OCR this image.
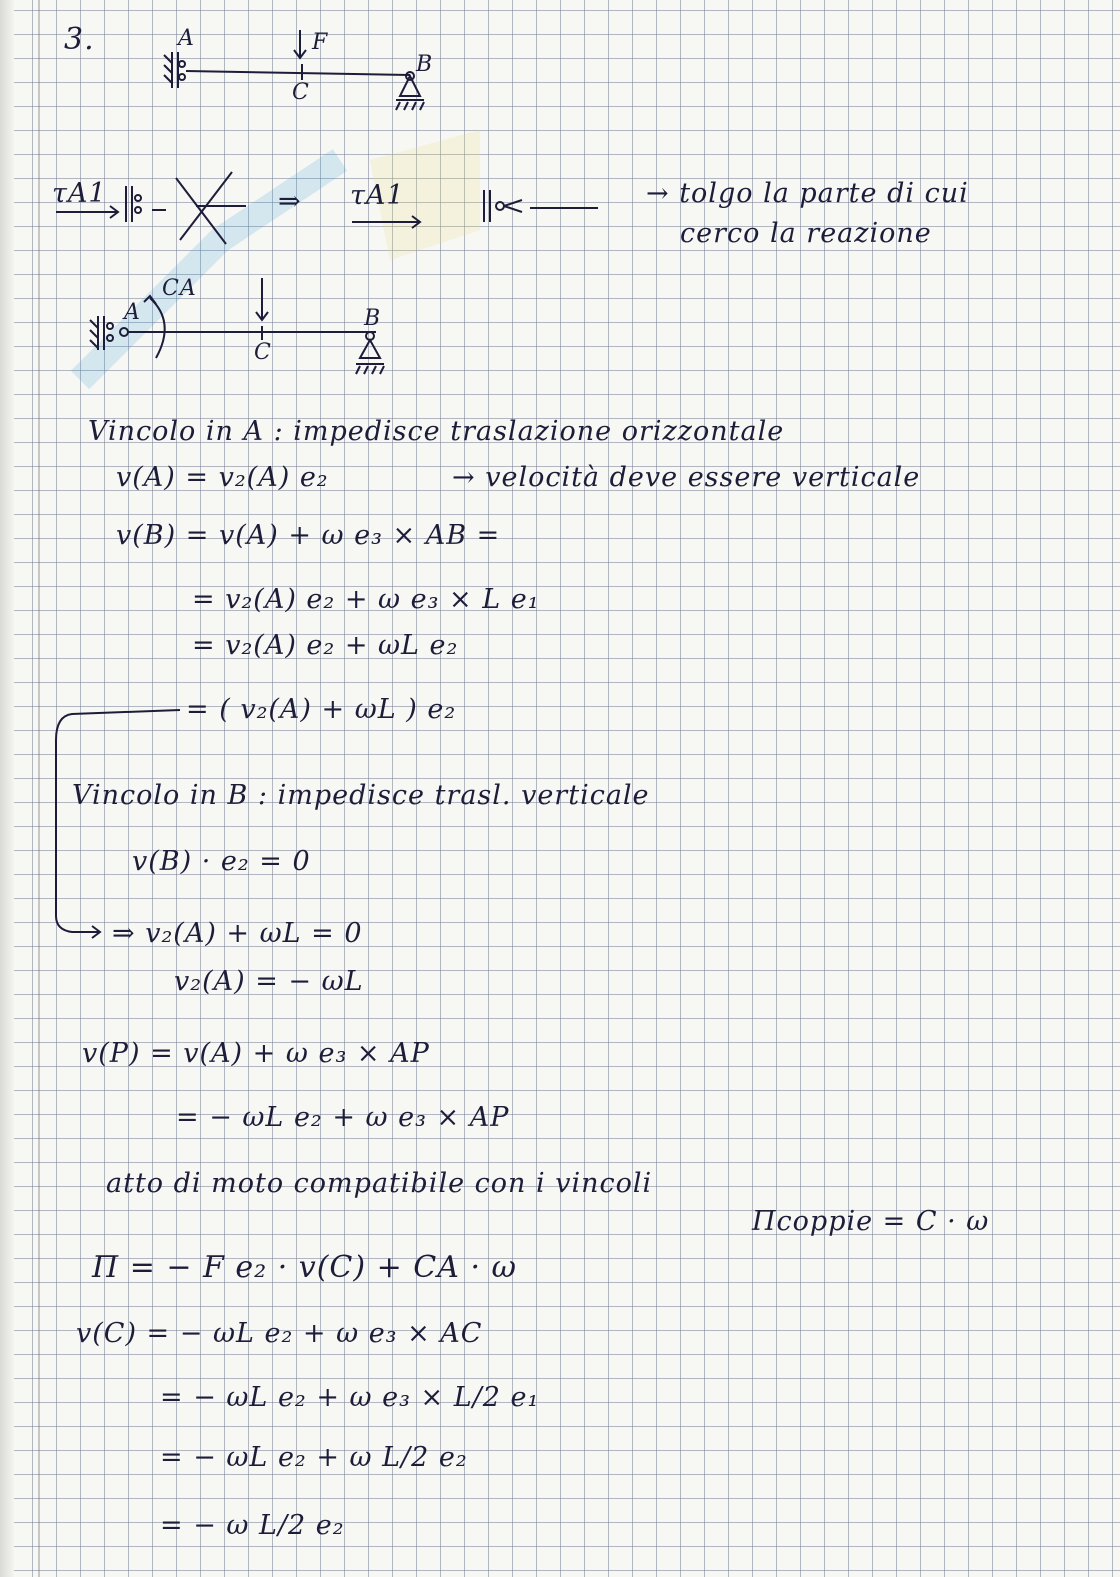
3.	A	F
C
B
τA1	⇒ τA1	→ tolgo la parte di cui
cerco la reazione
A
CA
C
B
Vincolo in A : impedisce traslazione orizzontale
v(A) = v₂(A) e₂	→ velocità deve essere verticale
v(B) = v(A) + ω e₃ × AB =
= v₂(A) e₂ + ω e₃ × L e₁
= v₂(A) e₂ + ωL e₂
= ( v₂(A) + ωL ) e₂
Vincolo in B : impedisce trasl. verticale
v(B) · e₂ = 0
⇒ v₂(A) + ωL = 0
v₂(A) = − ωL
v(P) = v(A) + ω e₃ × AP
= − ωL e₂ + ω e₃ × AP
atto di moto compatibile con i vincoli
Πcoppie = C · ω
Π = − F e₂ · v(C) + CA · ω
v(C) = − ωL e₂ + ω e₃ × AC
= − ωL e₂ + ω e₃ × L/2 e₁
= − ωL e₂ + ω L/2 e₂
= − ω L/2 e₂
